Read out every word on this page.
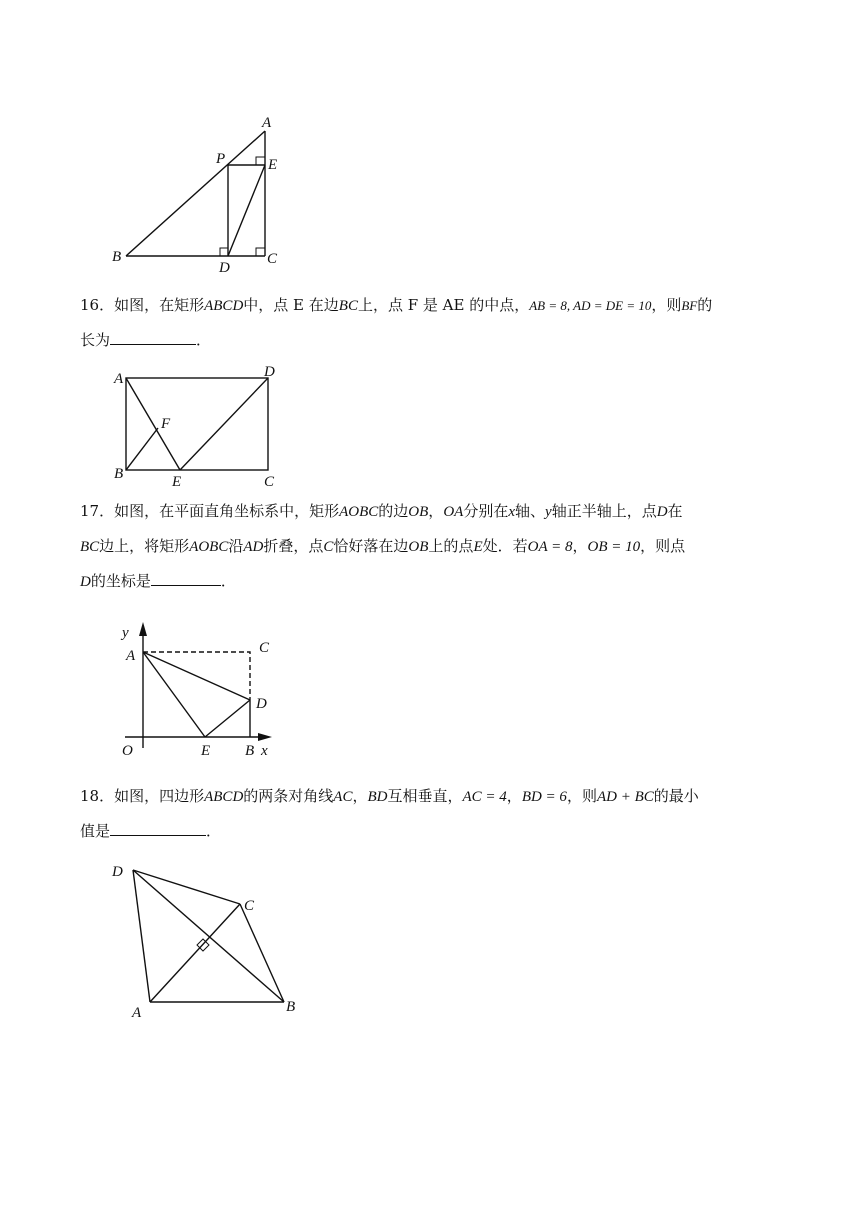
A
P	E
B
D
C
16．如图，在矩形ABCD中，点 E 在边BC上，点 F 是 AE 的中点，AB = 8, AD = DE = 10，则BF的
长为	．
A	D
F
B	E	C
17．如图，在平面直角坐标系中，矩形AOBC的边OB，OA分别在x轴、y轴正半轴上，点D在
BC边上，将矩形AOBC沿AD折叠，点C恰好落在边OB上的点E处．若OA = 8，OB = 10，则点
D的坐标是	．
y
A	C
D
O	E B x
18．如图，四边形ABCD的两条对角线AC，BD互相垂直，AC = 4，BD = 6，则AD + BC的最小
值是	．
D
C
A	B
